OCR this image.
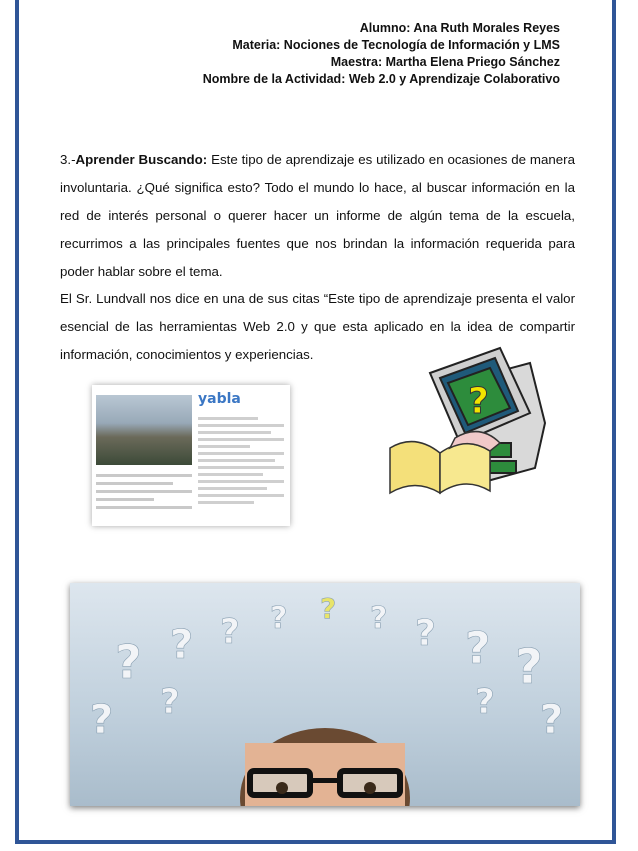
Alumno: Ana Ruth Morales Reyes
Materia: Nociones de Tecnología de Información y LMS
Maestra: Martha Elena Priego Sánchez
Nombre de la Actividad: Web 2.0 y Aprendizaje Colaborativo
3.-Aprender Buscando: Este tipo de aprendizaje es utilizado en ocasiones de manera involuntaria. ¿Qué significa esto? Todo el mundo lo hace, al buscar información en la red de interés personal o querer hacer un informe de algún tema de la escuela, recurrimos a las principales fuentes que nos brindan la información requerida para poder hablar sobre el tema.
El Sr. Lundvall nos dice en una de sus citas “Este tipo de aprendizaje presenta el valor esencial de las herramientas Web 2.0 y que esta aplicado en la idea de compartir información, conocimientos y experiencias.
yabla	?
? ? ? ?	? ? ? ?
?	?
?	?
?
